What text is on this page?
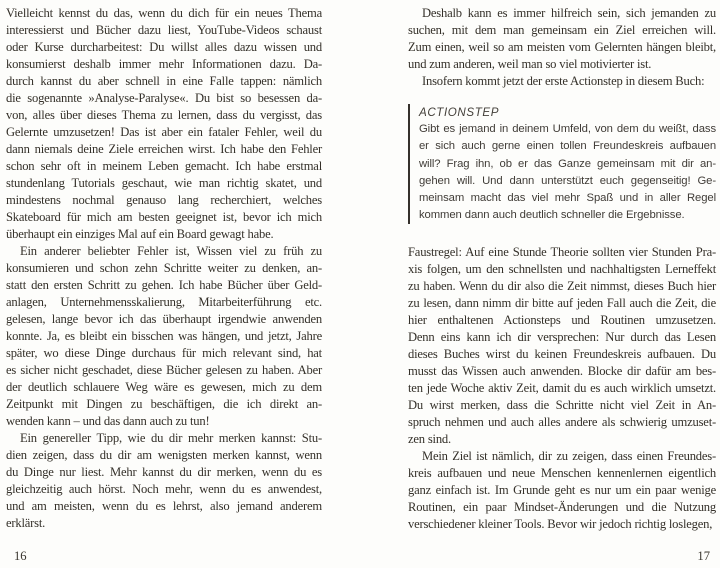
Vielleicht kennst du das, wenn du dich für ein neues Thema
interessierst und Bücher dazu liest, YouTube-Videos schaust
oder Kurse durcharbeitest: Du willst alles dazu wissen und
konsumierst deshalb immer mehr Informationen dazu. Da-
durch kannst du aber schnell in eine Falle tappen: nämlich
die sogenannte »Analyse-Paralyse«. Du bist so besessen da-
von, alles über dieses Thema zu lernen, dass du vergisst, das
Gelernte umzusetzen! Das ist aber ein fataler Fehler, weil du
dann niemals deine Ziele erreichen wirst. Ich habe den Fehler
schon sehr oft in meinem Leben gemacht. Ich habe erstmal
stundenlang Tutorials geschaut, wie man richtig skatet, und
mindestens nochmal genauso lang recherchiert, welches
Skateboard für mich am besten geeignet ist, bevor ich mich
überhaupt ein einziges Mal auf ein Board gewagt habe.
Ein anderer beliebter Fehler ist, Wissen viel zu früh zu
konsumieren und schon zehn Schritte weiter zu denken, an-
statt den ersten Schritt zu gehen. Ich habe Bücher über Geld-
anlagen, Unternehmensskalierung, Mitarbeiterführung etc.
gelesen, lange bevor ich das überhaupt irgendwie anwenden
konnte. Ja, es bleibt ein bisschen was hängen, und jetzt, Jahre
später, wo diese Dinge durchaus für mich relevant sind, hat
es sicher nicht geschadet, diese Bücher gelesen zu haben. Aber
der deutlich schlauere Weg wäre es gewesen, mich zu dem
Zeitpunkt mit Dingen zu beschäftigen, die ich direkt an-
wenden kann – und das dann auch zu tun!
Ein genereller Tipp, wie du dir mehr merken kannst: Stu-
dien zeigen, dass du dir am wenigsten merken kannst, wenn
du Dinge nur liest. Mehr kannst du dir merken, wenn du es
gleichzeitig auch hörst. Noch mehr, wenn du es anwendest,
und am meisten, wenn du es lehrst, also jemand anderem
erklärst.
16
Deshalb kann es immer hilfreich sein, sich jemanden zu
suchen, mit dem man gemeinsam ein Ziel erreichen will.
Zum einen, weil so am meisten vom Gelernten hängen bleibt,
und zum anderen, weil man so viel motivierter ist.
Insofern kommt jetzt der erste Actionstep in diesem Buch:
ACTIONSTEP
Gibt es jemand in deinem Umfeld, von dem du weißt, dass
er sich auch gerne einen tollen Freundeskreis aufbauen
will? Frag ihn, ob er das Ganze gemeinsam mit dir an-
gehen will. Und dann unterstützt euch gegenseitig! Ge-
meinsam macht das viel mehr Spaß und in aller Regel
kommen dann auch deutlich schneller die Ergebnisse.
Faustregel: Auf eine Stunde Theorie sollten vier Stunden Pra-
xis folgen, um den schnellsten und nachhaltigsten Lerneffekt
zu haben. Wenn du dir also die Zeit nimmst, dieses Buch hier
zu lesen, dann nimm dir bitte auf jeden Fall auch die Zeit, die
hier enthaltenen Actionsteps und Routinen umzusetzen.
Denn eins kann ich dir versprechen: Nur durch das Lesen
dieses Buches wirst du keinen Freundeskreis aufbauen. Du
musst das Wissen auch anwenden. Blocke dir dafür am bes-
ten jede Woche aktiv Zeit, damit du es auch wirklich umsetzt.
Du wirst merken, dass die Schritte nicht viel Zeit in An-
spruch nehmen und auch alles andere als schwierig umzuset-
zen sind.
Mein Ziel ist nämlich, dir zu zeigen, dass einen Freundes-
kreis aufbauen und neue Menschen kennenlernen eigentlich
ganz einfach ist. Im Grunde geht es nur um ein paar wenige
Routinen, ein paar Mindset-Änderungen und die Nutzung
verschiedener kleiner Tools. Bevor wir jedoch richtig loslegen,
17
